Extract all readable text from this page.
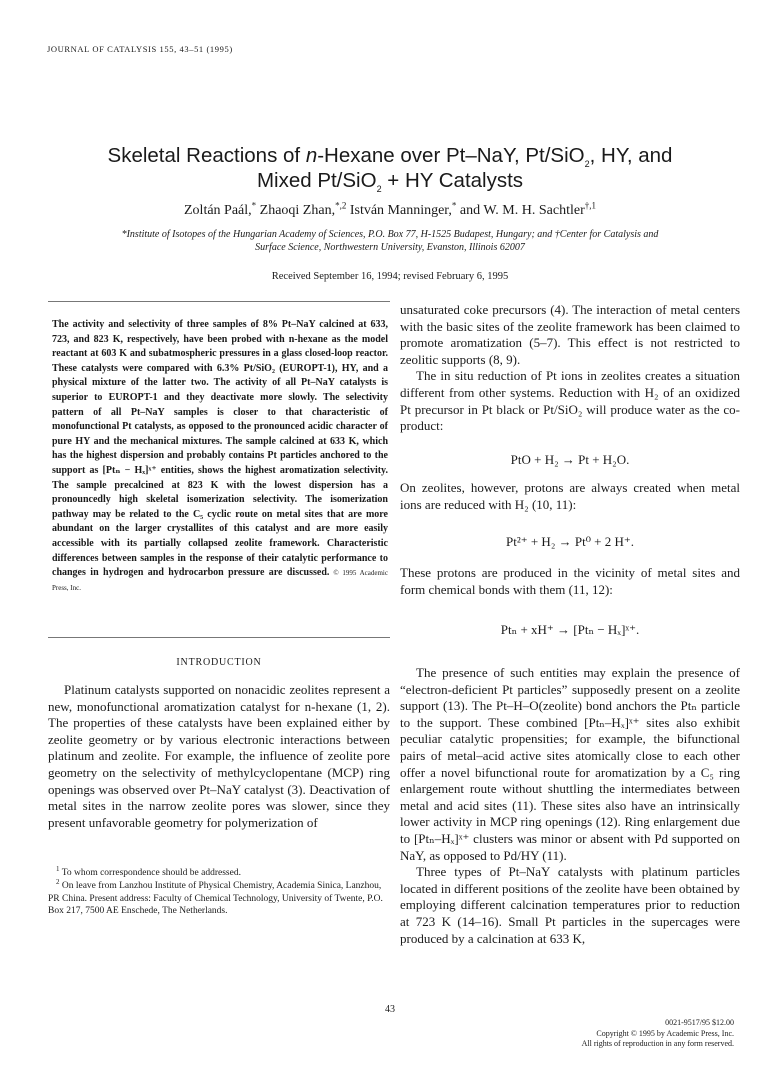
JOURNAL OF CATALYSIS 155, 43–51 (1995)
Skeletal Reactions of n-Hexane over Pt–NaY, Pt/SiO$_2$, HY, and
Mixed Pt/SiO$_2$ + HY Catalysts
Zoltán Paál,* Zhaoqi Zhan,$^{*,2}$ István Manninger,* and W. M. H. Sachtler$^{\dagger,1}$
*Institute of Isotopes of the Hungarian Academy of Sciences, P.O. Box 77, H-1525 Budapest, Hungary; and †Center for Catalysis and
Surface Science, Northwestern University, Evanston, Illinois 62007
Received September 16, 1994; revised February 6, 1995
The activity and selectivity of three samples of 8% Pt–NaY calcined at 633, 723, and 823 K, respectively, have been probed with n-hexane as the model reactant at 603 K and subatmospheric pressures in a glass closed-loop reactor. These catalysts were compared with 6.3% Pt/SiO₂ (EUROPT-1), HY, and a physical mixture of the latter two. The activity of all Pt–NaY catalysts is superior to EUROPT-1 and they deactivate more slowly. The selectivity pattern of all Pt–NaY samples is closer to that characteristic of monofunctional Pt catalysts, as opposed to the pronounced acidic character of pure HY and the mechanical mixtures. The sample calcined at 633 K, which has the highest dispersion and probably contains Pt particles anchored to the support as [Ptₙ − Hₓ]ˣ⁺ entities, shows the highest aromatization selectivity. The sample precalcined at 823 K with the lowest dispersion has a pronouncedly high skeletal isomerization selectivity. The isomerization pathway may be related to the C₅ cyclic route on metal sites that are more abundant on the larger crystallites of this catalyst and are more easily accessible with its partially collapsed zeolite framework. Characteristic differences between samples in the response of their catalytic performance to changes in hydrogen and hydrocarbon pressure are discussed. © 1995 Academic Press, Inc.
INTRODUCTION

Platinum catalysts supported on nonacidic zeolites represent a new, monofunctional aromatization catalyst for n-hexane (1, 2). The properties of these catalysts have been explained either by zeolite geometry or by various electronic interactions between platinum and zeolite. For example, the influence of zeolite pore geometry on the selectivity of methylcyclopentane (MCP) ring openings was observed over Pt–NaY catalyst (3). Deactivation of metal sites in the narrow zeolite pores was slower, since they present unfavorable geometry for polymerization of

$^1$ To whom correspondence should be addressed.

$^2$ On leave from Lanzhou Institute of Physical Chemistry, Academia Sinica, Lanzhou, PR China. Present address: Faculty of Chemical Technology, University of Twente, P.O. Box 217, 7500 AE Enschede, The Netherlands.

unsaturated coke precursors (4). The interaction of metal centers with the basic sites of the zeolite framework has been claimed to promote aromatization (5–7). This effect is not restricted to zeolitic supports (8, 9).

The in situ reduction of Pt ions in zeolites creates a situation different from other systems. Reduction with H₂ of an oxidized Pt precursor in Pt black or Pt/SiO₂ will produce water as the co-product:

PtO + H₂ → Pt + H₂O.

On zeolites, however, protons are always created when metal ions are reduced with H₂ (10, 11):

Pt²⁺ + H₂ → Pt⁰ + 2 H⁺.

These protons are produced in the vicinity of metal sites and form chemical bonds with them (11, 12):

Ptₙ + xH⁺ → [Ptₙ − Hₓ]ˣ⁺.

The presence of such entities may explain the presence of “electron-deficient Pt particles” supposedly present on a zeolite support (13). The Pt–H–O(zeolite) bond anchors the Ptₙ particle to the support. These combined [Ptₙ–Hₓ]ˣ⁺ sites also exhibit peculiar catalytic propensities; for example, the bifunctional pairs of metal–acid active sites atomically close to each other offer a novel bifunctional route for aromatization by a C₅ ring enlargement route without shuttling the intermediates between metal and acid sites (11). These sites also have an intrinsically lower activity in MCP ring openings (12). Ring enlargement due to [Ptₙ–Hₓ]ˣ⁺ clusters was minor or absent with Pd supported on NaY, as opposed to Pd/HY (11).

Three types of Pt–NaY catalysts with platinum particles located in different positions of the zeolite have been obtained by employing different calcination temperatures prior to reduction at 723 K (14–16). Small Pt particles in the supercages were produced by a calcination at 633 K,

43
0021-9517/95 $12.00
Copyright © 1995 by Academic Press, Inc.
All rights of reproduction in any form reserved.
